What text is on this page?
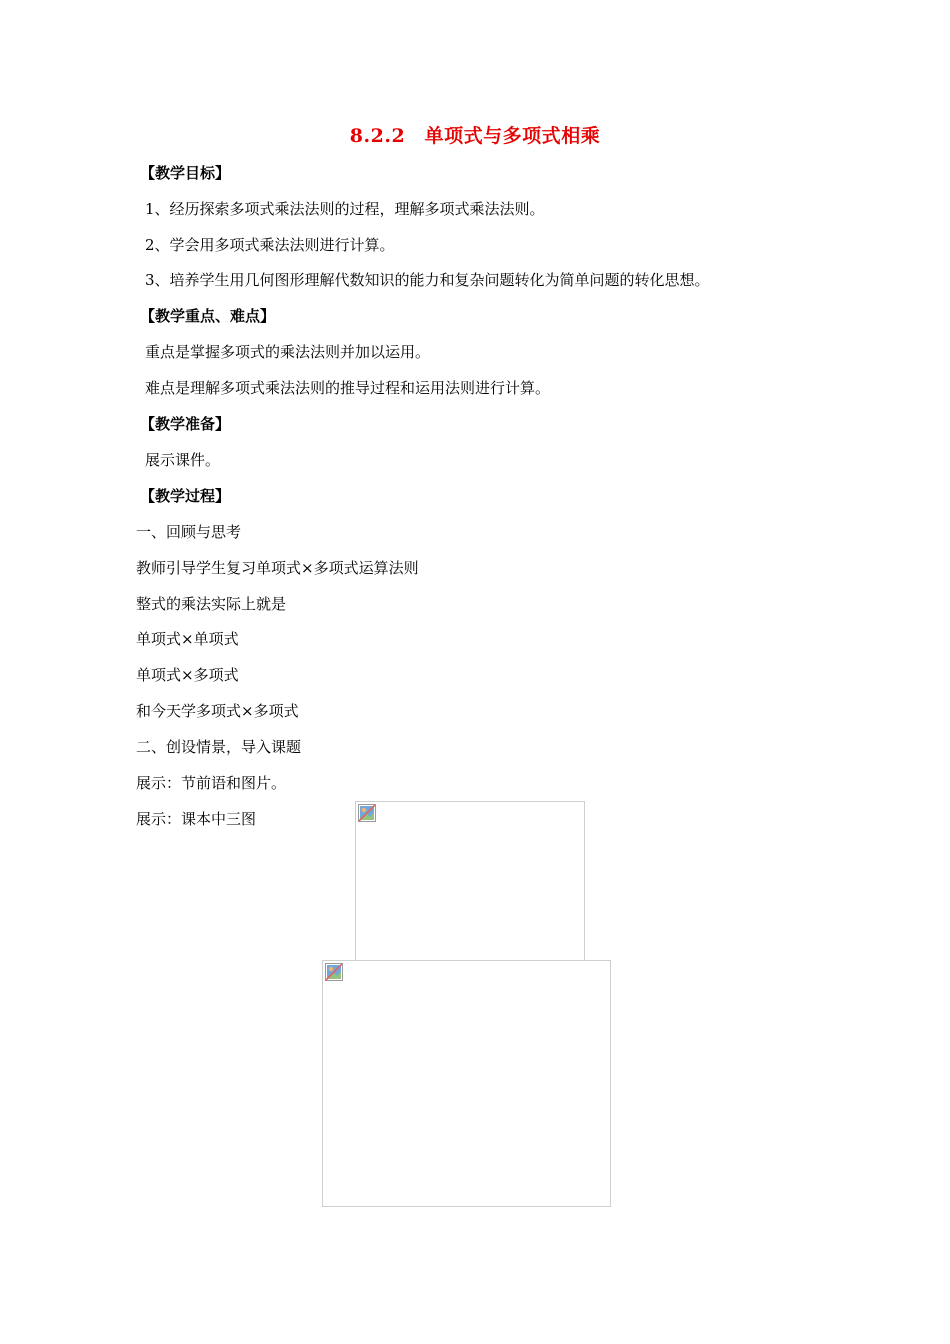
8.2.2　单项式与多项式相乘
【教学目标】
1、经历探索多项式乘法法则的过程，理解多项式乘法法则。
2、学会用多项式乘法法则进行计算。
3、培养学生用几何图形理解代数知识的能力和复杂问题转化为简单问题的转化思想。
【教学重点、难点】
重点是掌握多项式的乘法法则并加以运用。
难点是理解多项式乘法法则的推导过程和运用法则进行计算。
【教学准备】
展示课件。
【教学过程】
一、回顾与思考
教师引导学生复习单项式×多项式运算法则
整式的乘法实际上就是
单项式×单项式
单项式×多项式
和今天学多项式×多项式
二、创设情景，导入课题
展示：节前语和图片。
展示：课本中三图
